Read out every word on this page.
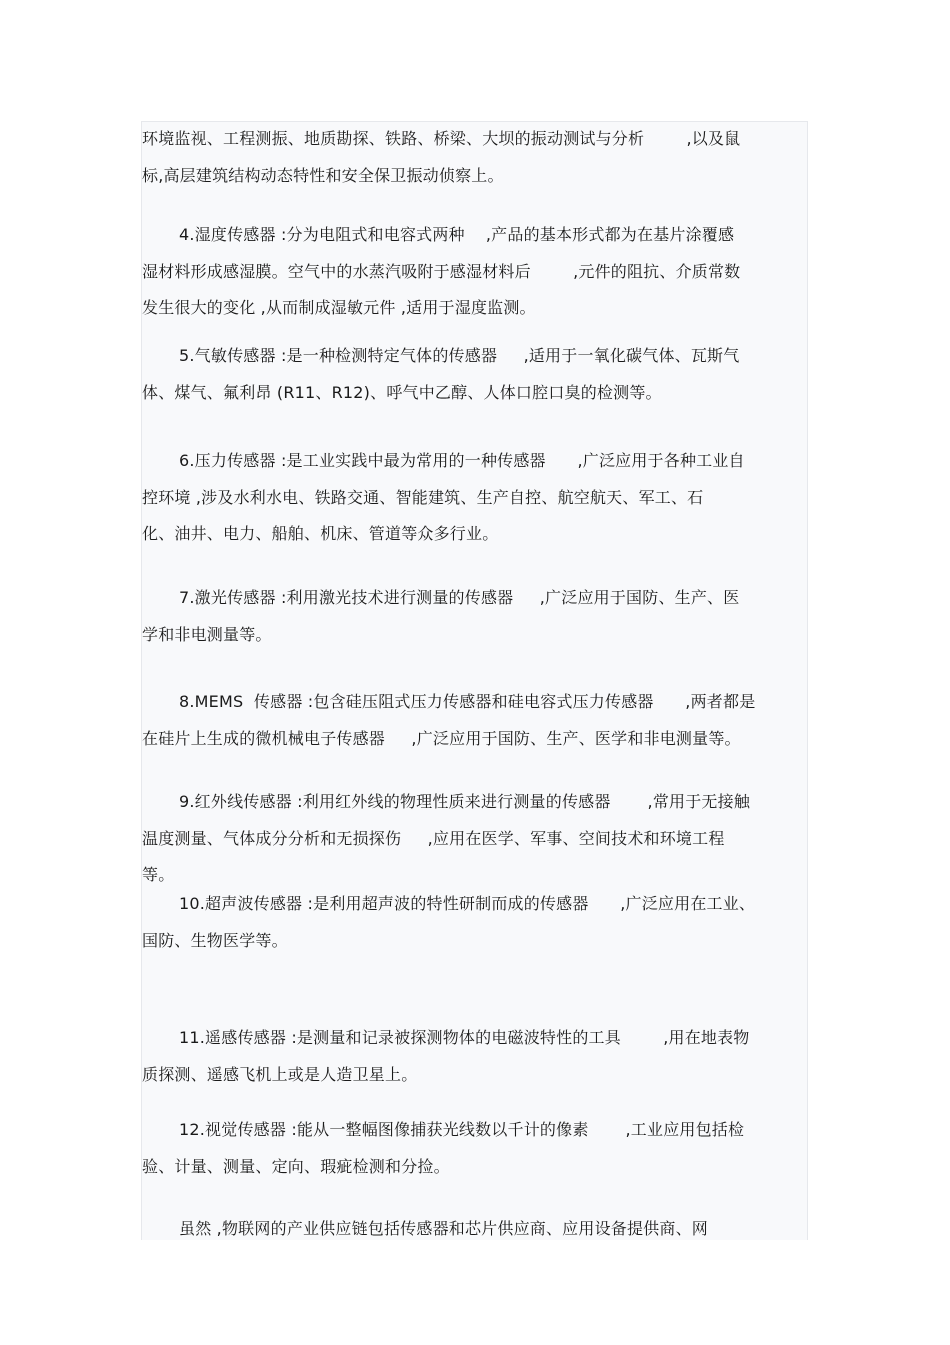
环境监视、工程测振、地质勘探、铁路、桥梁、大坝的振动测试与分析        ,以及鼠
标,高层建筑结构动态特性和安全保卫振动侦察上。
4.湿度传感器 :分为电阻式和电容式两种    ,产品的基本形式都为在基片涂覆感
湿材料形成感湿膜。空气中的水蒸汽吸附于感湿材料后        ,元件的阻抗、介质常数
发生很大的变化 ,从而制成湿敏元件 ,适用于湿度监测。
5.气敏传感器 :是一种检测特定气体的传感器     ,适用于一氧化碳气体、瓦斯气
体、煤气、氟利昂 (R11、R12)、呼气中乙醇、人体口腔口臭的检测等。
6.压力传感器 :是工业实践中最为常用的一种传感器      ,广泛应用于各种工业自
控环境 ,涉及水利水电、铁路交通、智能建筑、生产自控、航空航天、军工、石
化、油井、电力、船舶、机床、管道等众多行业。
7.激光传感器 :利用激光技术进行测量的传感器     ,广泛应用于国防、生产、医
学和非电测量等。
8.MEMS  传感器 :包含硅压阻式压力传感器和硅电容式压力传感器      ,两者都是
在硅片上生成的微机械电子传感器     ,广泛应用于国防、生产、医学和非电测量等。
9.红外线传感器 :利用红外线的物理性质来进行测量的传感器       ,常用于无接触
温度测量、气体成分分析和无损探伤     ,应用在医学、军事、空间技术和环境工程
等。
10.超声波传感器 :是利用超声波的特性研制而成的传感器      ,广泛应用在工业、
国防、生物医学等。
11.遥感传感器 :是测量和记录被探测物体的电磁波特性的工具        ,用在地表物
质探测、遥感飞机上或是人造卫星上。
12.视觉传感器 :能从一整幅图像捕获光线数以千计的像素       ,工业应用包括检
验、计量、测量、定向、瑕疵检测和分捡。
虽然 ,物联网的产业供应链包括传感器和芯片供应商、应用设备提供商、网
